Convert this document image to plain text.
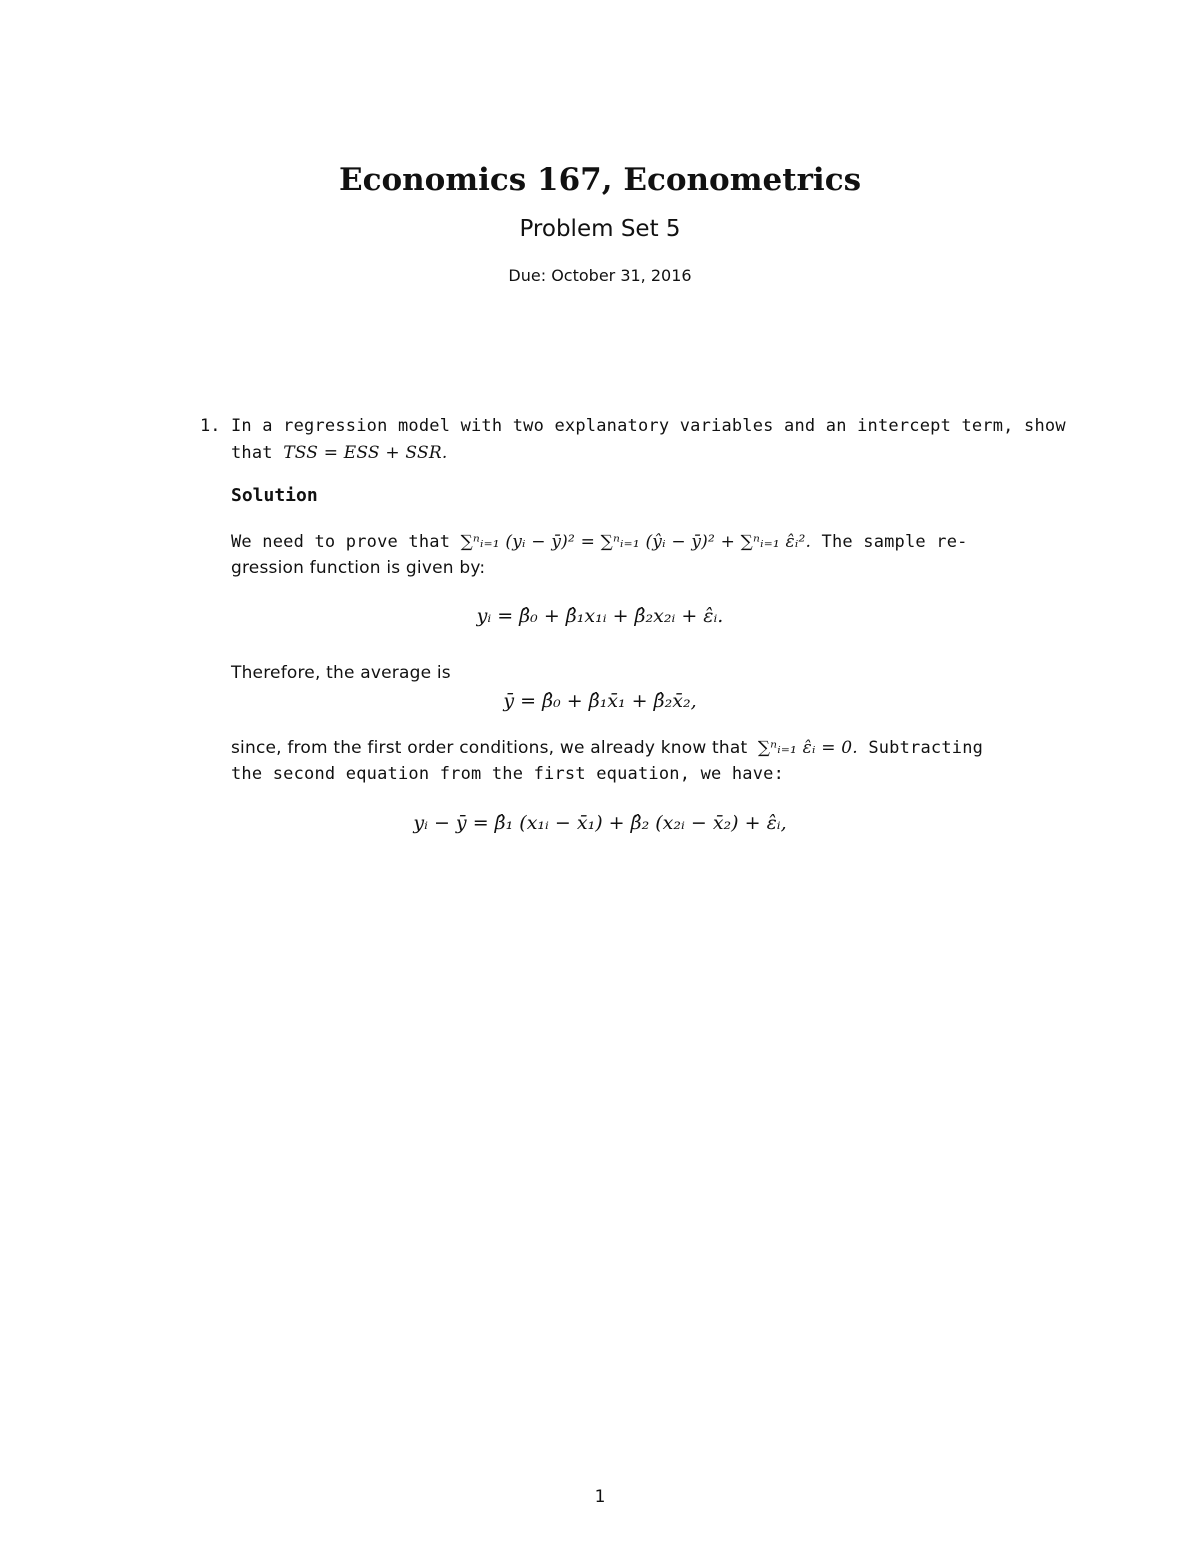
Economics 167, Econometrics
Problem Set 5
Due: October 31, 2016
1. In a regression model with two explanatory variables and an intercept term, show
that TSS = ESS + SSR.
Solution
We need to prove that ∑ⁿᵢ₌₁ (yᵢ − ȳ)² = ∑ⁿᵢ₌₁ (ŷᵢ − ȳ)² + ∑ⁿᵢ₌₁ ε̂ᵢ². The sample re-
gression function is given by:
yᵢ = β̂₀ + β̂₁x₁ᵢ + β̂₂x₂ᵢ + ε̂ᵢ.
Therefore, the average is
ȳ = β̂₀ + β̂₁x̄₁ + β̂₂x̄₂,
since, from the first order conditions, we already know that ∑ⁿᵢ₌₁ ε̂ᵢ = 0. Subtracting
the second equation from the first equation, we have:
yᵢ − ȳ = β̂₁ (x₁ᵢ − x̄₁) + β̂₂ (x₂ᵢ − x̄₂) + ε̂ᵢ,
1
